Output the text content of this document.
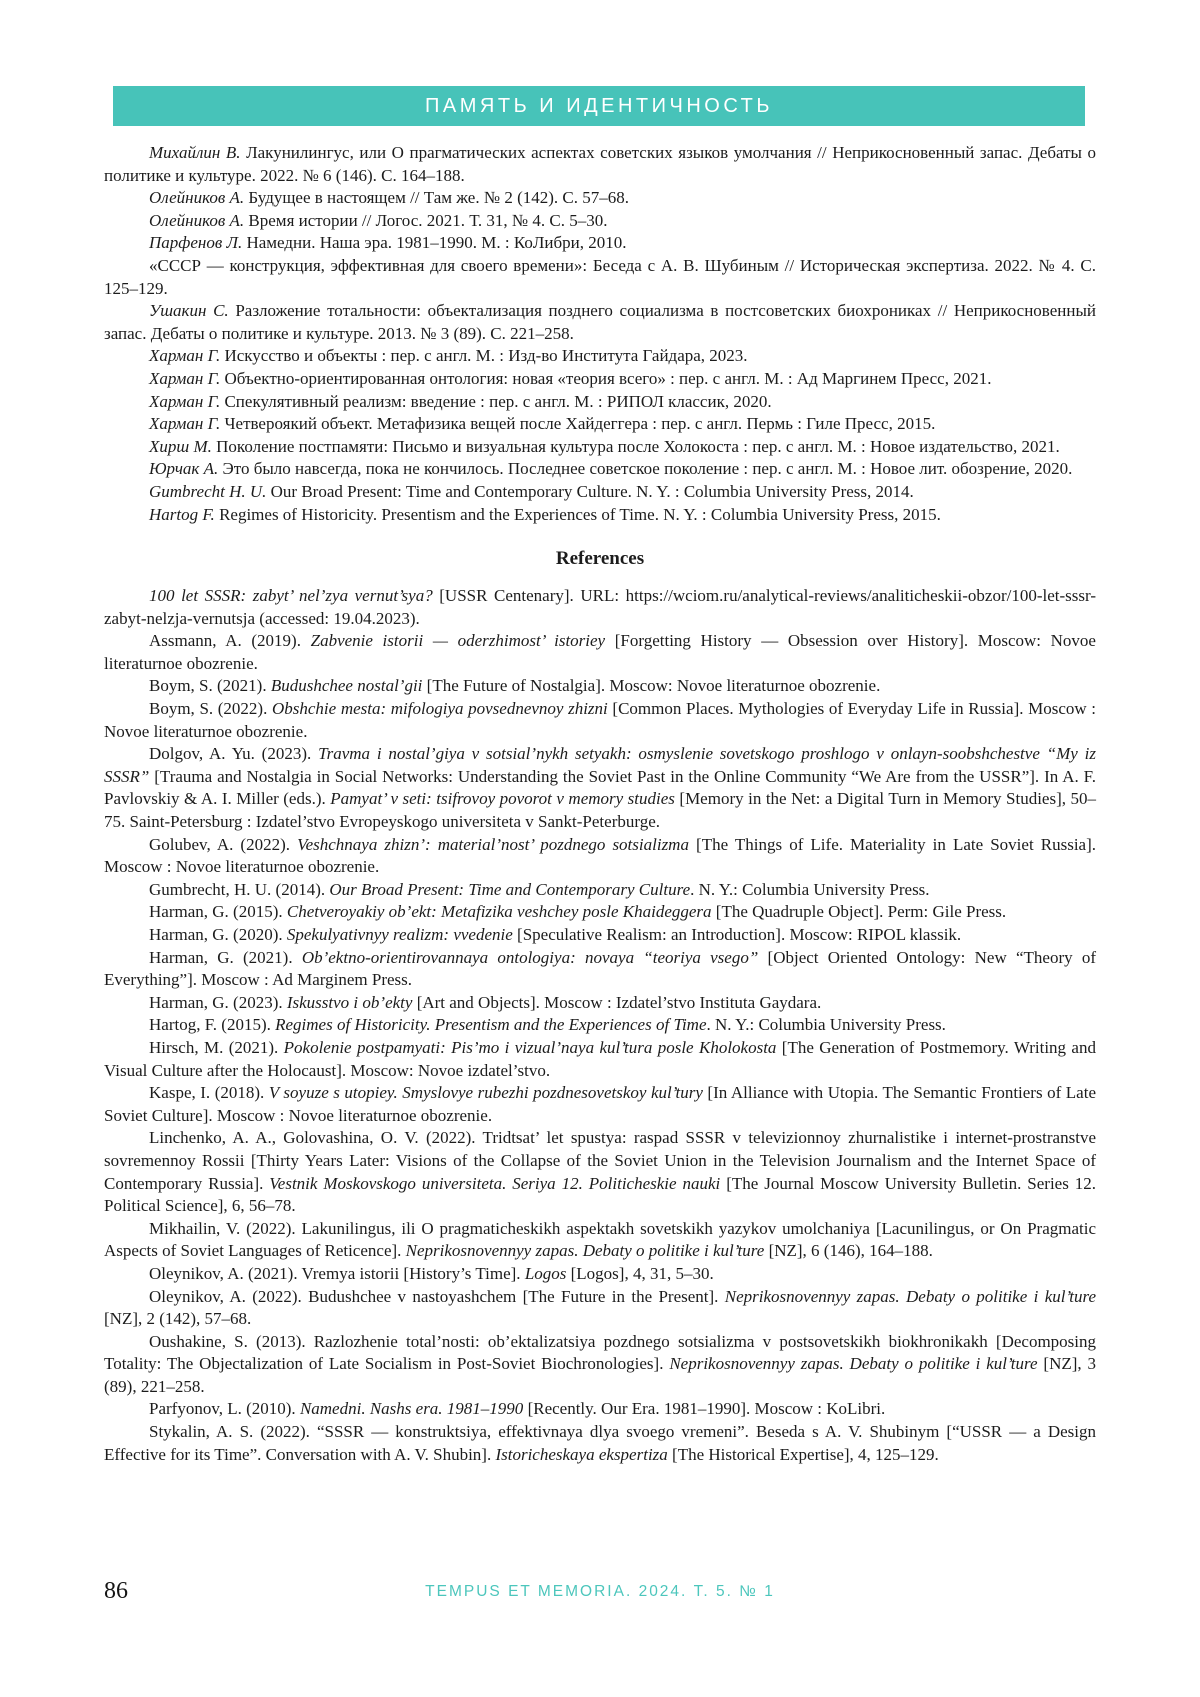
ПАМЯТЬ И ИДЕНТИЧНОСТЬ

Михайлин В. Лакунилингус, или О прагматических аспектах советских языков умолчания // Неприкосновенный запас. Дебаты о политике и культуре. 2022. № 6 (146). С. 164–188.

Олейников А. Будущее в настоящем // Там же. № 2 (142). С. 57–68.

Олейников А. Время истории // Логос. 2021. Т. 31, № 4. С. 5–30.

Парфенов Л. Намедни. Наша эра. 1981–1990. М. : КоЛибри, 2010.

«СССР — конструкция, эффективная для своего времени»: Беседа с А. В. Шубиным // Историческая экспертиза. 2022. № 4. С. 125–129.

Ушакин С. Разложение тотальности: объектализация позднего социализма в постсоветских биохрониках // Неприкосновенный запас. Дебаты о политике и культуре. 2013. № 3 (89). С. 221–258.

Харман Г. Искусство и объекты : пер. с англ. М. : Изд-во Института Гайдара, 2023.

Харман Г. Объектно-ориентированная онтология: новая «теория всего» : пер. с англ. М. : Ад Маргинем Пресс, 2021.

Харман Г. Спекулятивный реализм: введение : пер. с англ. М. : РИПОЛ классик, 2020.

Харман Г. Четвероякий объект. Метафизика вещей после Хайдеггера : пер. с англ. Пермь : Гиле Пресс, 2015.

Хирш М. Поколение постпамяти: Письмо и визуальная культура после Холокоста : пер. с англ. М. : Новое издательство, 2021.

Юрчак А. Это было навсегда, пока не кончилось. Последнее советское поколение : пер. с англ. М. : Новое лит. обозрение, 2020.

Gumbrecht H. U. Our Broad Present: Time and Contemporary Culture. N. Y. : Columbia University Press, 2014.

Hartog F. Regimes of Historicity. Presentism and the Experiences of Time. N. Y. : Columbia University Press, 2015.

References

100 let SSSR: zabyt’ nel’zya vernut’sya? [USSR Centenary]. URL: https://wciom.ru/analytical-reviews/analiticheskii-obzor/100-let-sssr-zabyt-nelzja-vernutsja (accessed: 19.04.2023).

Assmann, A. (2019). Zabvenie istorii — oderzhimost’ istoriey [Forgetting History — Obsession over History]. Moscow: Novoe literaturnoe obozrenie.

Boym, S. (2021). Budushchee nostal’gii [The Future of Nostalgia]. Moscow: Novoe literaturnoe obozrenie.

Boym, S. (2022). Obshchie mesta: mifologiya povsednevnoy zhizni [Common Places. Mythologies of Everyday Life in Russia]. Moscow : Novoe literaturnoe obozrenie.

Dolgov, A. Yu. (2023). Travma i nostal’giya v sotsial’nykh setyakh: osmyslenie sovetskogo proshlogo v onlayn-soobshchestve “My iz SSSR” [Trauma and Nostalgia in Social Networks: Understanding the Soviet Past in the Online Community “We Are from the USSR”]. In A. F. Pavlovskiy & A. I. Miller (eds.). Pamyat’ v seti: tsifrovoy povorot v memory studies [Memory in the Net: a Digital Turn in Memory Studies], 50–75. Saint-Petersburg : Izdatel’stvo Evropeyskogo universiteta v Sankt-Peterburge.

Golubev, A. (2022). Veshchnaya zhizn’: material’nost’ pozdnego sotsializma [The Things of Life. Materiality in Late Soviet Russia]. Moscow : Novoe literaturnoe obozrenie.

Gumbrecht, H. U. (2014). Our Broad Present: Time and Contemporary Culture. N. Y.: Columbia University Press.

Harman, G. (2015). Chetveroyakiy ob’ekt: Metafizika veshchey posle Khaideggera [The Quadruple Object]. Perm: Gile Press.

Harman, G. (2020). Spekulyativnyy realizm: vvedenie [Speculative Realism: an Introduction]. Moscow: RIPOL klassik.

Harman, G. (2021). Ob’ektno-orientirovannaya ontologiya: novaya “teoriya vsego” [Object Oriented Ontology: New “Theory of Everything”]. Moscow : Ad Marginem Press.

Harman, G. (2023). Iskusstvo i ob’ekty [Art and Objects]. Moscow : Izdatel’stvo Instituta Gaydara.

Hartog, F. (2015). Regimes of Historicity. Presentism and the Experiences of Time. N. Y.: Columbia University Press.

Hirsch, M. (2021). Pokolenie postpamyati: Pis’mo i vizual’naya kul’tura posle Kholokosta [The Generation of Postmemory. Writing and Visual Culture after the Holocaust]. Moscow: Novoe izdatel’stvo.

Kaspe, I. (2018). V soyuze s utopiey. Smyslovye rubezhi pozdnesovetskoy kul’tury [In Alliance with Utopia. The Semantic Frontiers of Late Soviet Culture]. Moscow : Novoe literaturnoe obozrenie.

Linchenko, A. A., Golovashina, O. V. (2022). Tridtsat’ let spustya: raspad SSSR v televizionnoy zhurnalistike i internet-prostranstve sovremennoy Rossii [Thirty Years Later: Visions of the Collapse of the Soviet Union in the Television Journalism and the Internet Space of Contemporary Russia]. Vestnik Moskovskogo universiteta. Seriya 12. Politicheskie nauki [The Journal Moscow University Bulletin. Series 12. Political Science], 6, 56–78.

Mikhailin, V. (2022). Lakunilingus, ili O pragmaticheskikh aspektakh sovetskikh yazykov umolchaniya [Lacunilingus, or On Pragmatic Aspects of Soviet Languages of Reticence]. Neprikosnovennyy zapas. Debaty o politike i kul’ture [NZ], 6 (146), 164–188.

Oleynikov, A. (2021). Vremya istorii [History’s Time]. Logos [Logos], 4, 31, 5–30.

Oleynikov, A. (2022). Budushchee v nastoyashchem [The Future in the Present]. Neprikosnovennyy zapas. Debaty o politike i kul’ture [NZ], 2 (142), 57–68.

Oushakine, S. (2013). Razlozhenie total’nosti: ob’ektalizatsiya pozdnego sotsializma v postsovetskikh biokhronikakh [Decomposing Totality: The Objectalization of Late Socialism in Post-Soviet Biochronologies]. Neprikosnovennyy zapas. Debaty o politike i kul’ture [NZ], 3 (89), 221–258.

Parfyonov, L. (2010). Namedni. Nashs era. 1981–1990 [Recently. Our Era. 1981–1990]. Moscow : KoLibri.

Stykalin, A. S. (2022). “SSSR — konstruktsiya, effektivnaya dlya svoego vremeni”. Beseda s A. V. Shubinym [“USSR — a Design Effective for its Time”. Conversation with A. V. Shubin]. Istoricheskaya ekspertiza [The Historical Expertise], 4, 125–129.

86	TEMPUS ET MEMORIA. 2024. Т. 5. № 1
